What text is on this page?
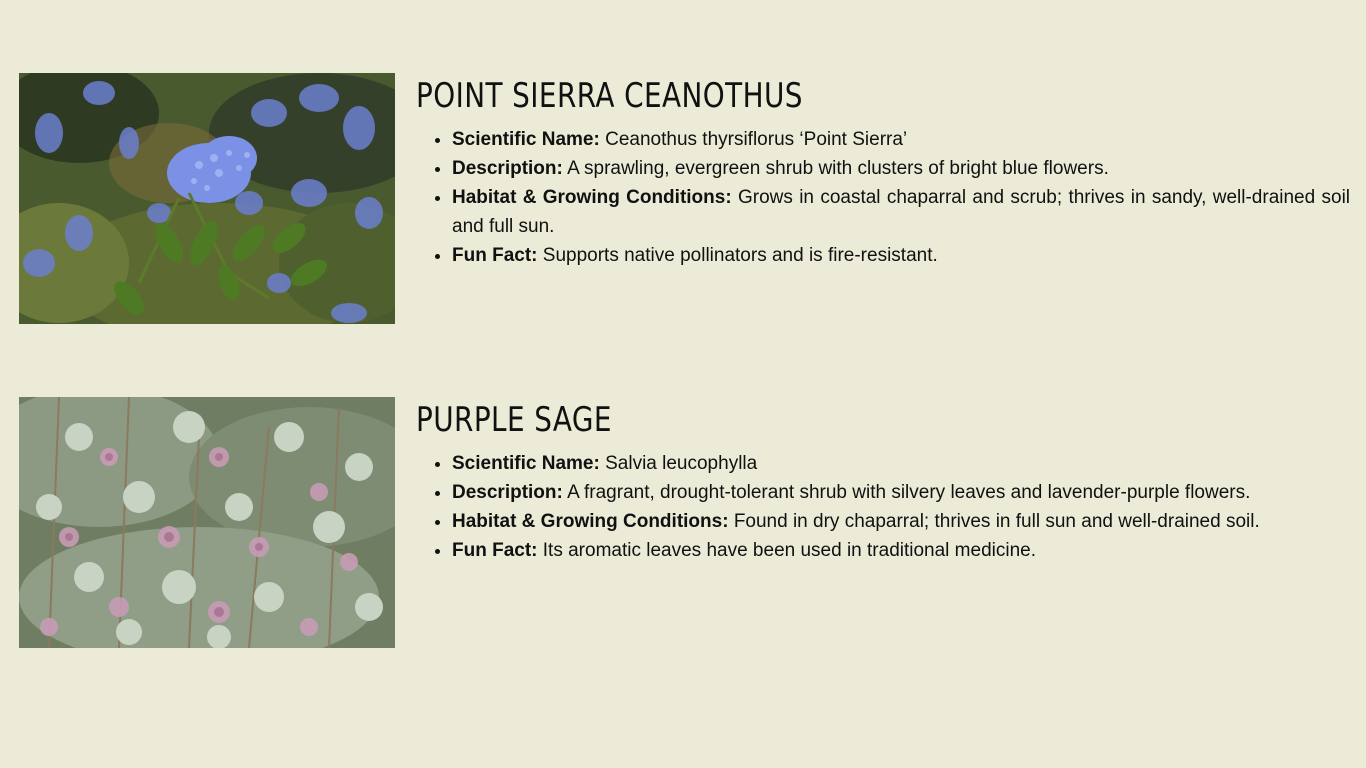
POINT SIERRA CEANOTHUS
• Scientific Name: Ceanothus thyrsiflorus ‘Point Sierra’
• Description: A sprawling, evergreen shrub with clusters of bright blue flowers.
• Habitat & Growing Conditions: Grows in coastal chaparral and scrub; thrives in sandy, well-drained soil and full sun.
• Fun Fact: Supports native pollinators and is fire-resistant.
PURPLE SAGE
• Scientific Name: Salvia leucophylla
• Description: A fragrant, drought-tolerant shrub with silvery leaves and lavender-purple flowers.
• Habitat & Growing Conditions: Found in dry chaparral; thrives in full sun and well-drained soil.
• Fun Fact: Its aromatic leaves have been used in traditional medicine.
